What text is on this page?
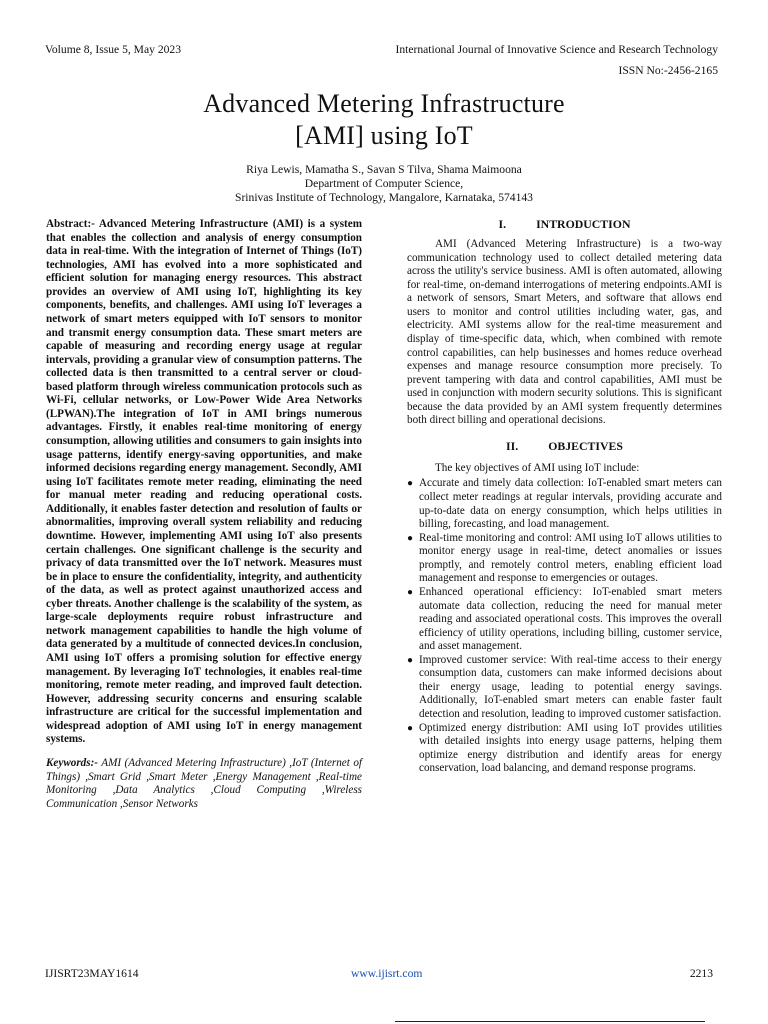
Volume 8, Issue 5, May 2023	International Journal of Innovative Science and Research Technology
ISSN No:-2456-2165
Advanced Metering Infrastructure
[AMI] using IoT
Riya Lewis, Mamatha S., Savan S Tilva, Shama Maimoona
Department of Computer Science,
Srinivas Institute of Technology, Mangalore, Karnataka, 574143

Abstract:- Advanced Metering Infrastructure (AMI) is a system that enables the collection and analysis of energy consumption data in real-time. With the integration of Internet of Things (IoT) technologies, AMI has evolved into a more sophisticated and efficient solution for managing energy resources. This abstract provides an overview of AMI using IoT, highlighting its key components, benefits, and challenges. AMI using IoT leverages a network of smart meters equipped with IoT sensors to monitor and transmit energy consumption data. These smart meters are capable of measuring and recording energy usage at regular intervals, providing a granular view of consumption patterns. The collected data is then transmitted to a central server or cloud-based platform through wireless communication protocols such as Wi-Fi, cellular networks, or Low-Power Wide Area Networks (LPWAN).The integration of IoT in AMI brings numerous advantages. Firstly, it enables real-time monitoring of energy consumption, allowing utilities and consumers to gain insights into usage patterns, identify energy-saving opportunities, and make informed decisions regarding energy management. Secondly, AMI using IoT facilitates remote meter reading, eliminating the need for manual meter reading and reducing operational costs. Additionally, it enables faster detection and resolution of faults or abnormalities, improving overall system reliability and reducing downtime. However, implementing AMI using IoT also presents certain challenges. One significant challenge is the security and privacy of data transmitted over the IoT network. Measures must be in place to ensure the confidentiality, integrity, and authenticity of the data, as well as protect against unauthorized access and cyber threats. Another challenge is the scalability of the system, as large-scale deployments require robust infrastructure and network management capabilities to handle the high volume of data generated by a multitude of connected devices.In conclusion, AMI using IoT offers a promising solution for effective energy management. By leveraging IoT technologies, it enables real-time monitoring, remote meter reading, and improved fault detection. However, addressing security concerns and ensuring scalable infrastructure are critical for the successful implementation and widespread adoption of AMI using IoT in energy management systems.

Keywords:- AMI (Advanced Metering Infrastructure) ,IoT (Internet of Things) ,Smart Grid ,Smart Meter ,Energy Management ,Real-time Monitoring ,Data Analytics ,Cloud Computing ,Wireless Communication ,Sensor Networks

I.	INTRODUCTION

AMI (Advanced Metering Infrastructure) is a two-way communication technology used to collect detailed metering data across the utility's service business. AMI is often automated, allowing for real-time, on-demand interrogations of metering endpoints.AMI is a network of sensors, Smart Meters, and software that allows end users to monitor and control utilities including water, gas, and electricity. AMI systems allow for the real-time measurement and display of time-specific data, which, when combined with remote control capabilities, can help businesses and homes reduce overhead expenses and manage resource consumption more precisely. To prevent tampering with data and control capabilities, AMI must be used in conjunction with modern security solutions. This is significant because the data provided by an AMI system frequently determines both direct billing and operational decisions.

II.	OBJECTIVES

The key objectives of AMI using IoT include:

● Accurate and timely data collection: IoT-enabled smart meters can collect meter readings at regular intervals, providing accurate and up-to-date data on energy consumption, which helps utilities in billing, forecasting, and load management.
● Real-time monitoring and control: AMI using IoT allows utilities to monitor energy usage in real-time, detect anomalies or issues promptly, and remotely control meters, enabling efficient load management and response to emergencies or outages.
● Enhanced operational efficiency: IoT-enabled smart meters automate data collection, reducing the need for manual meter reading and associated operational costs. This improves the overall efficiency of utility operations, including billing, customer service, and asset management.
● Improved customer service: With real-time access to their energy consumption data, customers can make informed decisions about their energy usage, leading to potential energy savings. Additionally, IoT-enabled smart meters can enable faster fault detection and resolution, leading to improved customer satisfaction.
● Optimized energy distribution: AMI using IoT provides utilities with detailed insights into energy usage patterns, helping them optimize energy distribution and identify areas for energy conservation, load balancing, and demand response programs.
IJISRT23MAY1614	www.ijisrt.com	2213
